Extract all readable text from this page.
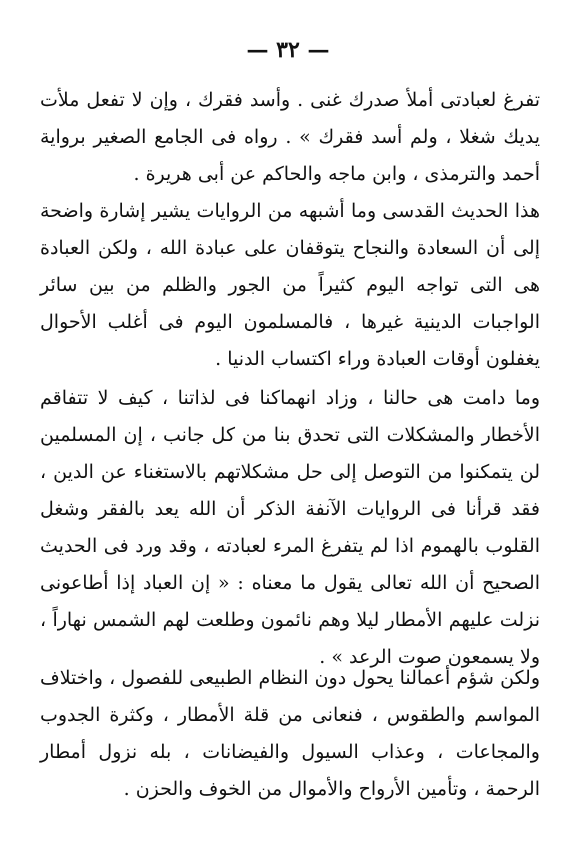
— ٣٢ —

تفرغ لعبادتى أملأ صدرك غنى . وأسد فقرك ، وإن لا تفعل ملأت يديك شغلا ، ولم أسد فقرك » . رواه فى الجامع الصغير برواية أحمد والترمذى ، وابن ماجه والحاكم عن أبى هريرة .

هذا الحديث القدسى وما أشبهه من الروايات يشير إشارة واضحة إلى أن السعادة والنجاح يتوقفان على عبادة الله ، ولكن العبادة هى التى تواجه اليوم كثيراً من الجور والظلم من بين سائر الواجبات الدينية غيرها ، فالمسلمون اليوم فى أغلب الأحوال يغفلون أوقات العبادة وراء اكتساب الدنيا .

وما دامت هى حالنا ، وزاد انهماكنا فى لذاتنا ، كيف لا تتفاقم الأخطار والمشكلات التى تحدق بنا من كل جانب ، إن المسلمين لن يتمكنوا من التوصل إلى حل مشكلاتهم بالاستغناء عن الدين ، فقد قرأنا فى الروايات الآنفة الذكر أن الله يعد بالفقر وشغل القلوب بالهموم اذا لم يتفرغ المرء لعبادته ، وقد ورد فى الحديث الصحيح أن الله تعالى يقول ما معناه : « إن العباد إذا أطاعونى نزلت عليهم الأمطار ليلا وهم نائمون وطلعت لهم الشمس نهاراً ، ولا يسمعون صوت الرعد » .

ولكن شؤم أعمالنا يحول دون النظام الطبيعى للفصول ، واختلاف المواسم والطقوس ، فنعانى من قلة الأمطار ، وكثرة الجدوب والمجاعات ، وعذاب السيول والفيضانات ، بله نزول أمطار الرحمة ، وتأمين الأرواح والأموال من الخوف والحزن .
